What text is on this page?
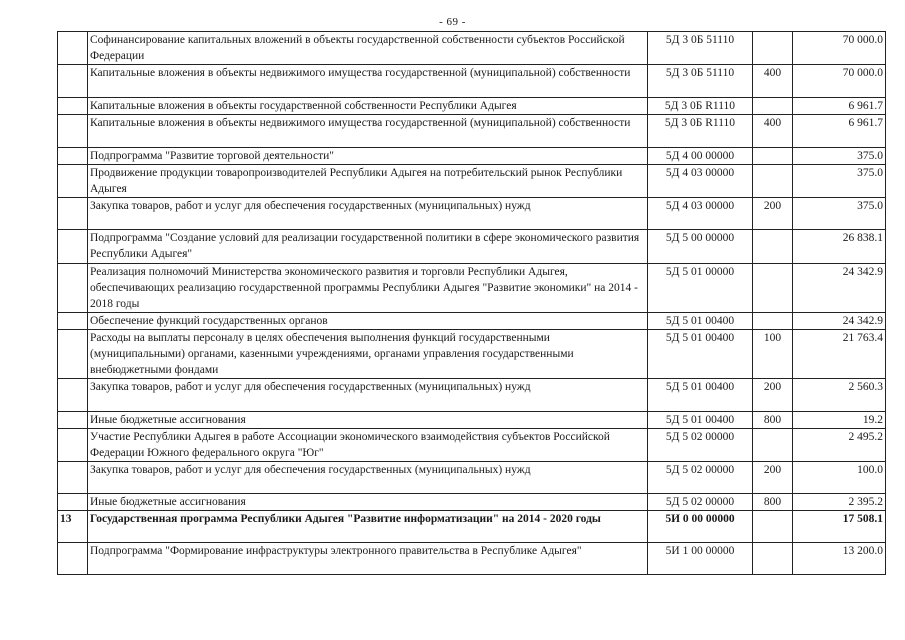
- 69 -
	Софинансирование капитальных вложений в объекты государственной собственности субъектов Российской Федерации	5Д 3 0Б 51110		70 000.0
	Капитальные вложения в объекты недвижимого имущества государственной (муниципальной) собственности	5Д 3 0Б 51110	400	70 000.0
	Капитальные вложения в объекты государственной собственности Республики Адыгея	5Д 3 0Б R1110		6 961.7
	Капитальные вложения в объекты недвижимого имущества государственной (муниципальной) собственности	5Д 3 0Б R1110	400	6 961.7
	Подпрограмма "Развитие торговой деятельности"	5Д 4 00 00000		375.0
	Продвижение продукции товаропроизводителей Республики Адыгея на потребительский рынок Республики Адыгея	5Д 4 03 00000		375.0
	Закупка товаров, работ и услуг для обеспечения государственных (муниципальных) нужд	5Д 4 03 00000	200	375.0
	Подпрограмма "Создание условий для реализации государственной политики в сфере экономического развития Республики Адыгея"	5Д 5 00 00000		26 838.1
	Реализация полномочий Министерства экономического развития и торговли Республики Адыгея, обеспечивающих реализацию государственной программы Республики Адыгея "Развитие экономики" на 2014 - 2018 годы	5Д 5 01 00000		24 342.9
	Обеспечение функций государственных органов	5Д 5 01 00400		24 342.9
	Расходы на выплаты персоналу в целях обеспечения выполнения функций государственными (муниципальными) органами, казенными учреждениями, органами управления государственными внебюджетными фондами	5Д 5 01 00400	100	21 763.4
	Закупка товаров, работ и услуг для обеспечения государственных (муниципальных) нужд	5Д 5 01 00400	200	2 560.3
	Иные бюджетные ассигнования	5Д 5 01 00400	800	19.2
	Участие Республики Адыгея в работе Ассоциации экономического взаимодействия субъектов Российской Федерации Южного федерального округа "Юг"	5Д 5 02 00000		2 495.2
	Закупка товаров, работ и услуг для обеспечения государственных (муниципальных) нужд	5Д 5 02 00000	200	100.0
	Иные бюджетные ассигнования	5Д 5 02 00000	800	2 395.2
13	Государственная программа Республики Адыгея "Развитие информатизации" на 2014 - 2020 годы	5И 0 00 00000		17 508.1
	Подпрограмма "Формирование инфраструктуры электронного правительства в Республике Адыгея"	5И 1 00 00000		13 200.0
